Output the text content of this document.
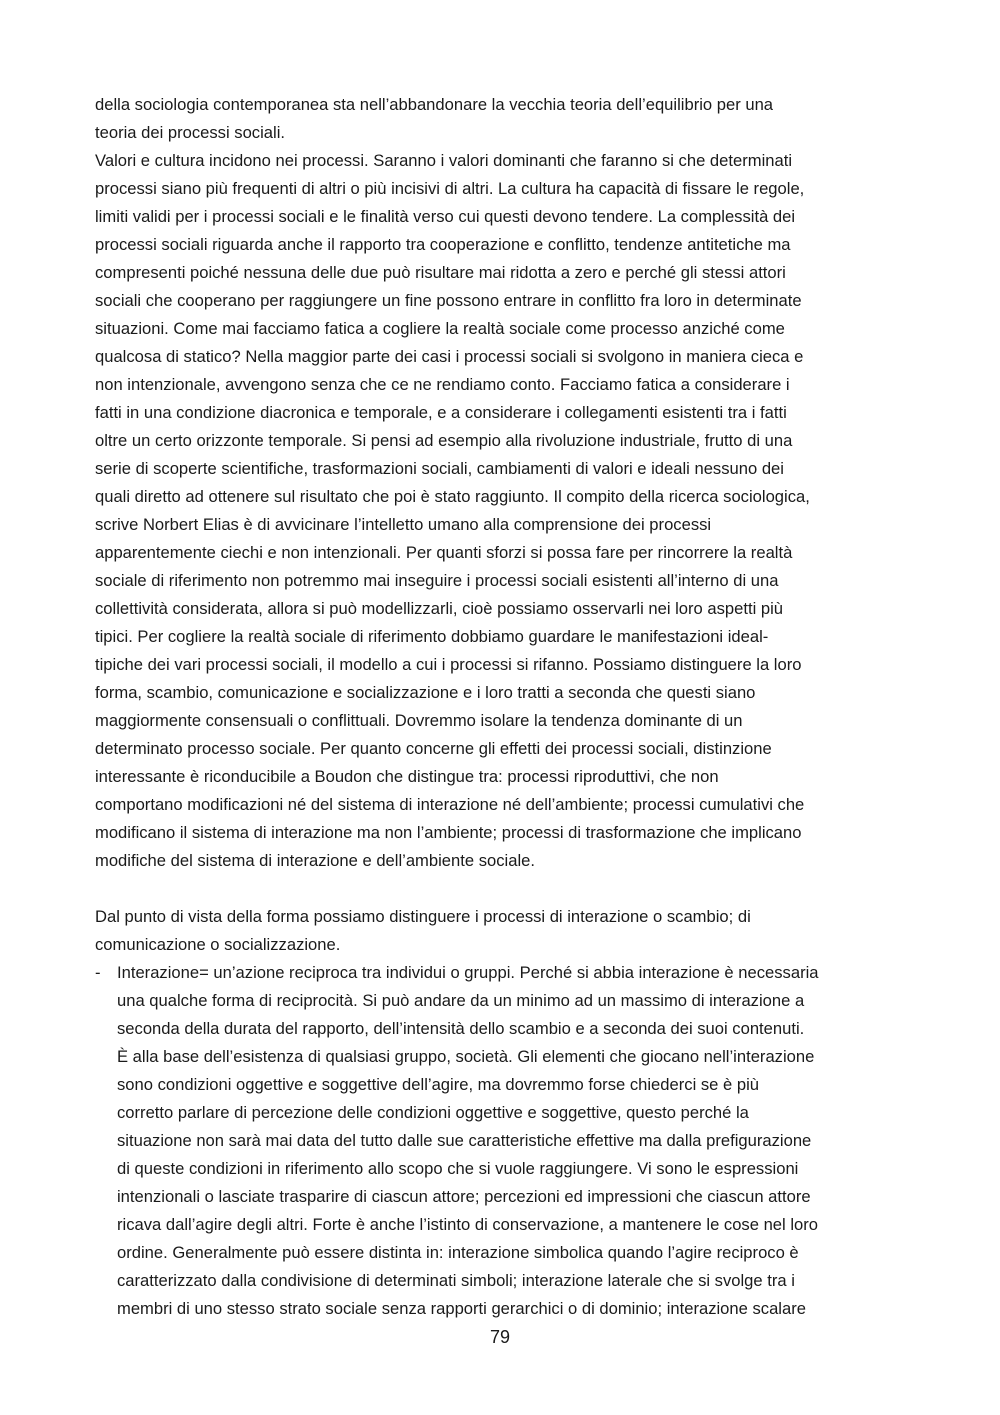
della sociologia contemporanea sta nell’abbandonare la vecchia teoria dell’equilibrio per una
teoria dei processi sociali.
Valori e cultura incidono nei processi. Saranno i valori dominanti che faranno si che determinati
processi siano più frequenti di altri o più incisivi di altri. La cultura ha capacità di fissare le regole,
limiti validi per i processi sociali e le finalità verso cui questi devono tendere. La complessità dei
processi sociali riguarda anche il rapporto tra cooperazione e conflitto, tendenze antitetiche ma
compresenti poiché nessuna delle due può risultare mai ridotta a zero e perché gli stessi attori
sociali che cooperano per raggiungere un fine possono entrare in conflitto fra loro in determinate
situazioni. Come mai facciamo fatica a cogliere la realtà sociale come processo anziché come
qualcosa di statico? Nella maggior parte dei casi i processi sociali si svolgono in maniera cieca e
non intenzionale, avvengono senza che ce ne rendiamo conto. Facciamo fatica a considerare i
fatti in una condizione diacronica e temporale, e a considerare i collegamenti esistenti tra i fatti
oltre un certo orizzonte temporale. Si pensi ad esempio alla rivoluzione industriale, frutto di una
serie di scoperte scientifiche, trasformazioni sociali, cambiamenti di valori e ideali nessuno dei
quali diretto ad ottenere sul risultato che poi è stato raggiunto. Il compito della ricerca sociologica,
scrive Norbert Elias è di avvicinare l’intelletto umano alla comprensione dei processi
apparentemente ciechi e non intenzionali. Per quanti sforzi si possa fare per rincorrere la realtà
sociale di riferimento non potremmo mai inseguire i processi sociali esistenti all’interno di una
collettività considerata, allora si può modellizzarli, cioè possiamo osservarli nei loro aspetti più
tipici. Per cogliere la realtà sociale di riferimento dobbiamo guardare le manifestazioni ideal-
tipiche dei vari processi sociali, il modello a cui i processi si rifanno. Possiamo distinguere la loro
forma, scambio, comunicazione e socializzazione e i loro tratti a seconda che questi siano
maggiormente consensuali o conflittuali. Dovremmo isolare la tendenza dominante di un
determinato processo sociale. Per quanto concerne gli effetti dei processi sociali, distinzione
interessante è riconducibile a Boudon che distingue tra: processi riproduttivi, che non
comportano modificazioni né del sistema di interazione né dell’ambiente; processi cumulativi che
modificano il sistema di interazione ma non l’ambiente; processi di trasformazione che implicano
modifiche del sistema di interazione e dell’ambiente sociale.
Dal punto di vista della forma possiamo distinguere i processi di interazione o scambio; di
comunicazione o socializzazione.
- Interazione= un’azione reciproca tra individui o gruppi. Perché si abbia interazione è necessaria
una qualche forma di reciprocità. Si può andare da un minimo ad un massimo di interazione a
seconda della durata del rapporto, dell’intensità dello scambio e a seconda dei suoi contenuti.
È alla base dell’esistenza di qualsiasi gruppo, società. Gli elementi che giocano nell’interazione
sono condizioni oggettive e soggettive dell’agire, ma dovremmo forse chiederci se è più
corretto parlare di percezione delle condizioni oggettive e soggettive, questo perché la
situazione non sarà mai data del tutto dalle sue caratteristiche effettive ma dalla prefigurazione
di queste condizioni in riferimento allo scopo che si vuole raggiungere. Vi sono le espressioni
intenzionali o lasciate trasparire di ciascun attore; percezioni ed impressioni che ciascun attore
ricava dall’agire degli altri. Forte è anche l’istinto di conservazione, a mantenere le cose nel loro
ordine. Generalmente può essere distinta in: interazione simbolica quando l’agire reciproco è
caratterizzato dalla condivisione di determinati simboli; interazione laterale che si svolge tra i
membri di uno stesso strato sociale senza rapporti gerarchici o di dominio; interazione scalare
79
